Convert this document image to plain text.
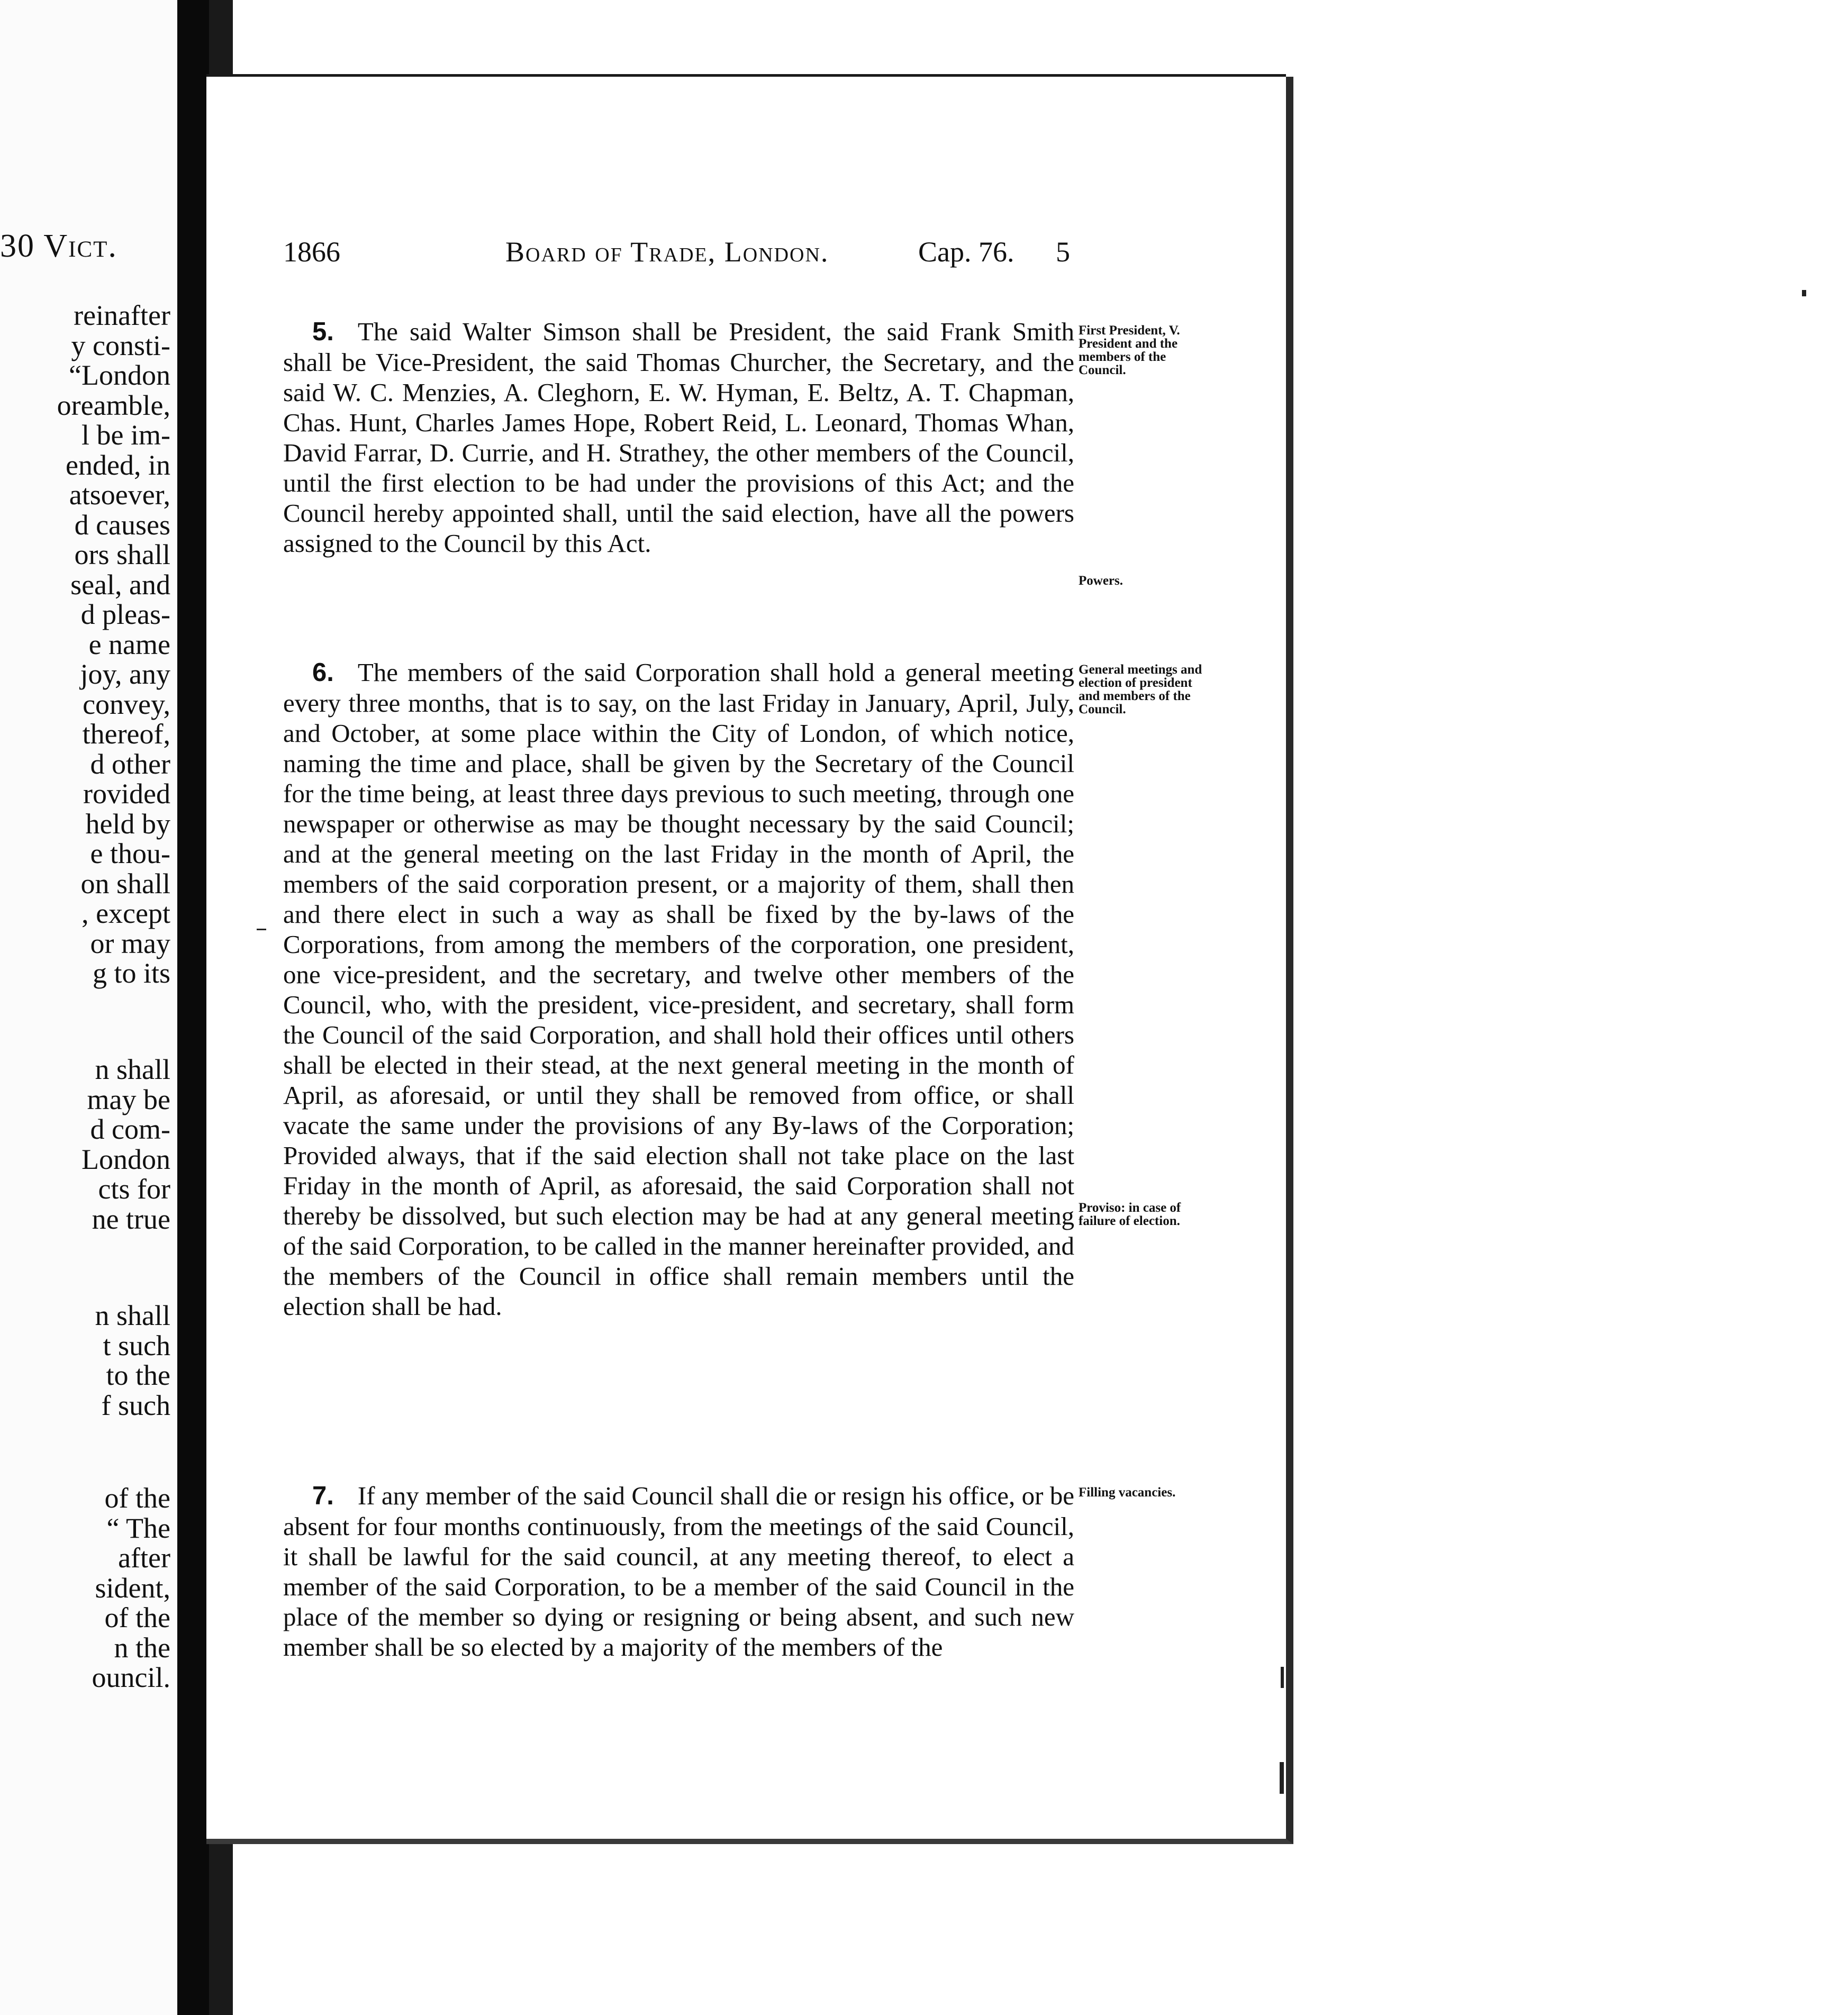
30 Vict.
reinafter
y consti-
“London
oreamble,
l be im-
ended, in
atsoever,
d causes
ors shall
seal, and
d pleas-
e name
joy, any
convey,
thereof,
d other
rovided
held by
e thou-
on shall
, except
or may
g to its
n shall
may be
d com-
London
cts for
ne true
n shall
t such
to the
f such
of the
“ The
after
sident,
of the
n the
ouncil.
1866	Board of Trade, London.	Cap. 76. 5
5. The said Walter Simson shall be President, the said Frank Smith shall be Vice-President, the said Thomas Churcher, the Secretary, and the said W. C. Menzies, A. Cleghorn, E. W. Hyman, E. Beltz, A. T. Chapman, Chas. Hunt, Charles James Hope, Robert Reid, L. Leonard, Thomas Whan, David Farrar, D. Currie, and H. Strathey, the other members of the Council, until the first election to be had under the provisions of this Act; and the Council hereby appointed shall, until the said election, have all the powers assigned to the Council by this Act.
6. The members of the said Corporation shall hold a general meeting every three months, that is to say, on the last Friday in January, April, July, and October, at some place within the City of London, of which notice, naming the time and place, shall be given by the Secretary of the Council for the time being, at least three days previous to such meeting, through one newspaper or otherwise as may be thought necessary by the said Council; and at the general meeting on the last Friday in the month of April, the members of the said corporation present, or a majority of them, shall then and there elect in such a way as shall be fixed by the by-laws of the Corporations, from among the members of the corporation, one president, one vice-president, and the secretary, and twelve other members of the Council, who, with the president, vice-president, and secretary, shall form the Council of the said Corporation, and shall hold their offices until others shall be elected in their stead, at the next general meeting in the month of April, as aforesaid, or until they shall be removed from office, or shall vacate the same under the provisions of any By-laws of the Corporation; Provided always, that if the said election shall not take place on the last Friday in the month of April, as aforesaid, the said Corporation shall not thereby be dissolved, but such election may be had at any general meeting of the said Corporation, to be called in the manner hereinafter provided, and the members of the Council in office shall remain members until the election shall be had.
7. If any member of the said Council shall die or resign his office, or be absent for four months continuously, from the meetings of the said Council, it shall be lawful for the said council, at any meeting thereof, to elect a member of the said Corporation, to be a member of the said Council in the place of the member so dying or resigning or being absent, and such new member shall be so elected by a majority of the members of the
First President, V. President and the members of the Council.
Powers.
General meetings and election of president and members of the Council.
Proviso: in case of failure of election.
Filling vacancies.
